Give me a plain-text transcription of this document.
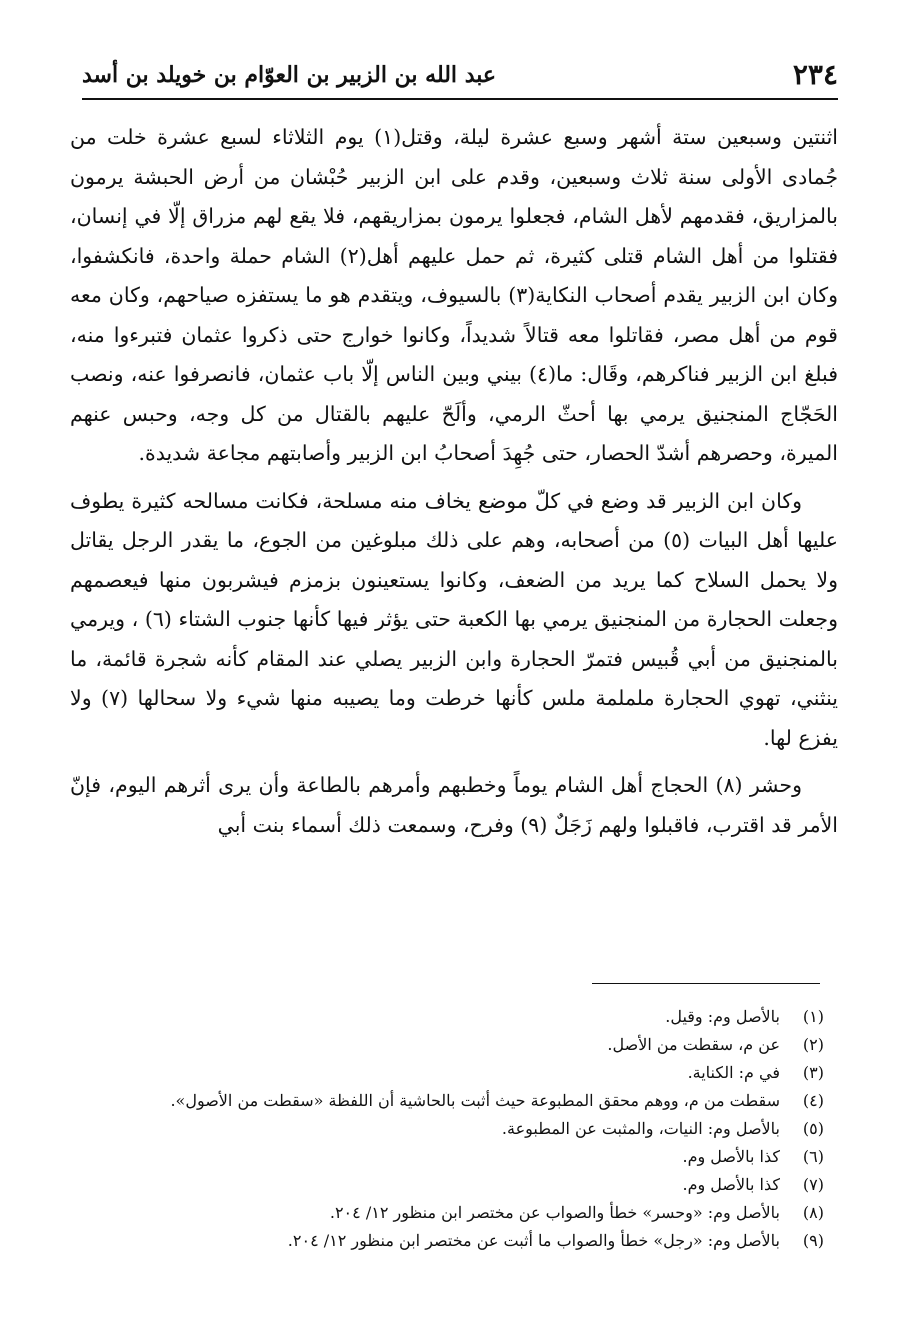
٢٣٤
عبد الله بن الزبير بن العوّام بن خويلد بن أسد

اثنتين وسبعين ستة أشهر وسبع عشرة ليلة، وقتل(١) يوم الثلاثاء لسبع عشرة خلت من جُمادى الأولى سنة ثلاث وسبعين، وقدم على ابن الزبير حُبْشان من أرض الحبشة يرمون بالمزاريق، فقدمهم لأهل الشام، فجعلوا يرمون بمزاريقهم، فلا يقع لهم مزراق إلّا في إنسان، فقتلوا من أهل الشام قتلى كثيرة، ثم حمل عليهم أهل(٢) الشام حملة واحدة، فانكشفوا، وكان ابن الزبير يقدم أصحاب النكاية(٣) بالسيوف، ويتقدم هو ما يستفزه صياحهم، وكان معه قوم من أهل مصر، فقاتلوا معه قتالاً شديداً، وكانوا خوارج حتى ذكروا عثمان فتبرءوا منه، فبلغ ابن الزبير فناكرهم، وقَال: ما(٤) بيني وبين الناس إلّا باب عثمان، فانصرفوا عنه، ونصب الحَجّاج المنجنيق يرمي بها أحثّ الرمي، وألَحّ عليهم بالقتال من كل وجه، وحبس عنهم الميرة، وحصرهم أشدّ الحصار، حتى جُهِدَ أصحابُ ابن الزبير وأصابتهم مجاعة شديدة.

وكان ابن الزبير قد وضع في كلّ موضع يخاف منه مسلحة، فكانت مسالحه كثيرة يطوف عليها أهل البيات (٥) من أصحابه، وهم على ذلك مبلوغين من الجوع، ما يقدر الرجل يقاتل ولا يحمل السلاح كما يريد من الضعف، وكانوا يستعينون بزمزم فيشربون منها فيعصمهم وجعلت الحجارة من المنجنيق يرمي بها الكعبة حتى يؤثر فيها كأنها جنوب الشتاء (٦) ، ويرمي بالمنجنيق من أبي قُبيس فتمرّ الحجارة وابن الزبير يصلي عند المقام كأنه شجرة قائمة، ما ينثني، تهوي الحجارة ململمة ملس كأنها خرطت وما يصيبه منها شيء ولا سحالها (٧) ولا يفزع لها.

وحشر (٨) الحجاج أهل الشام يوماً وخطبهم وأمرهم بالطاعة وأن يرى أثرهم اليوم، فإنّ الأمر قد اقترب، فاقبلوا ولهم زَجَلٌ (٩) وفرح، وسمعت ذلك أسماء بنت أبي

(١)بالأصل وم: وقيل.
(٢)عن م، سقطت من الأصل.
(٣)في م: الكناية.
(٤)سقطت من م، ووهم محقق المطبوعة حيث أثبت بالحاشية أن اللفظة «سقطت من الأصول».
(٥)بالأصل وم: النيات، والمثبت عن المطبوعة.
(٦)كذا بالأصل وم.
(٧)كذا بالأصل وم.
(٨)بالأصل وم: «وحسر» خطأ والصواب عن مختصر ابن منظور ١٢/ ٢٠٤.
(٩)بالأصل وم: «رجل» خطأ والصواب ما أثبت عن مختصر ابن منظور ١٢/ ٢٠٤.
